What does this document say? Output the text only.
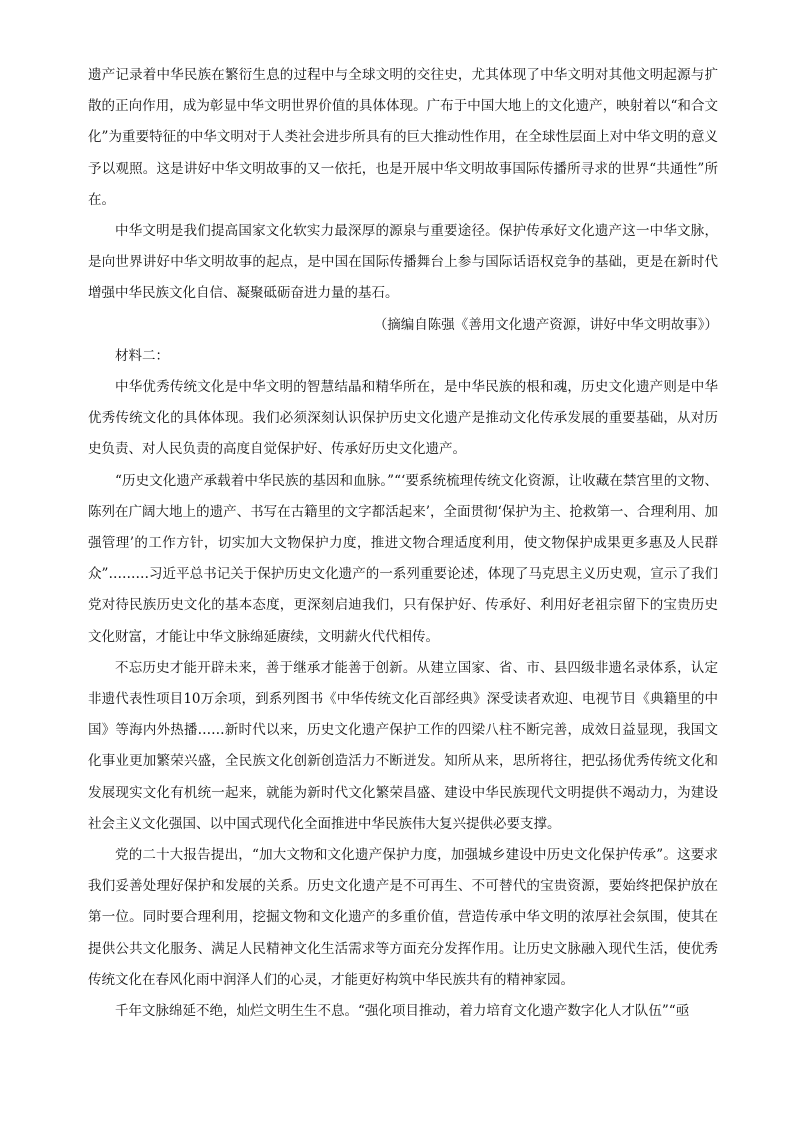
遗产记录着中华民族在繁衍生息的过程中与全球文明的交往史，尤其体现了中华文明对其他文明起源与扩散的正向作用，成为彰显中华文明世界价值的具体体现。广布于中国大地上的文化遗产，映射着以“和合文化”为重要特征的中华文明对于人类社会进步所具有的巨大推动性作用，在全球性层面上对中华文明的意义予以观照。这是讲好中华文明故事的又一依托，也是开展中华文明故事国际传播所寻求的世界“共通性”所在。

中华文明是我们提高国家文化软实力最深厚的源泉与重要途径。保护传承好文化遗产这一中华文脉，是向世界讲好中华文明故事的起点，是中国在国际传播舞台上参与国际话语权竞争的基础，更是在新时代增强中华民族文化自信、凝聚砥砺奋进力量的基石。

（摘编自陈强《善用文化遗产资源，讲好中华文明故事》）

材料二：

中华优秀传统文化是中华文明的智慧结晶和精华所在，是中华民族的根和魂，历史文化遗产则是中华优秀传统文化的具体体现。我们必须深刻认识保护历史文化遗产是推动文化传承发展的重要基础，从对历史负责、对人民负责的高度自觉保护好、传承好历史文化遗产。

“历史文化遗产承载着中华民族的基因和血脉。”“‘要系统梳理传统文化资源，让收藏在禁宫里的文物、陈列在广阔大地上的遗产、书写在古籍里的文字都活起来’，全面贯彻‘保护为主、抢救第一、合理利用、加强管理’的工作方针，切实加大文物保护力度，推进文物合理适度利用，使文物保护成果更多惠及人民群众”………习近平总书记关于保护历史文化遗产的一系列重要论述，体现了马克思主义历史观，宣示了我们党对待民族历史文化的基本态度，更深刻启迪我们，只有保护好、传承好、利用好老祖宗留下的宝贵历史文化财富，才能让中华文脉绵延赓续，文明薪火代代相传。

不忘历史才能开辟未来，善于继承才能善于创新。从建立国家、省、市、县四级非遗名录体系，认定非遗代表性项目10万余项，到系列图书《中华传统文化百部经典》深受读者欢迎、电视节目《典籍里的中国》等海内外热播……新时代以来，历史文化遗产保护工作的四梁八柱不断完善，成效日益显现，我国文化事业更加繁荣兴盛，全民族文化创新创造活力不断迸发。知所从来，思所将往，把弘扬优秀传统文化和发展现实文化有机统一起来，就能为新时代文化繁荣昌盛、建设中华民族现代文明提供不竭动力，为建设社会主义文化强国、以中国式现代化全面推进中华民族伟大复兴提供必要支撑。

党的二十大报告提出，“加大文物和文化遗产保护力度，加强城乡建设中历史文化保护传承”。这要求我们妥善处理好保护和发展的关系。历史文化遗产是不可再生、不可替代的宝贵资源，要始终把保护放在第一位。同时要合理利用，挖掘文物和文化遗产的多重价值，营造传承中华文明的浓厚社会氛围，使其在提供公共文化服务、满足人民精神文化生活需求等方面充分发挥作用。让历史文脉融入现代生活，使优秀传统文化在春风化雨中润泽人们的心灵，才能更好构筑中华民族共有的精神家园。

千年文脉绵延不绝，灿烂文明生生不息。“强化项目推动，着力培育文化遗产数字化人才队伍”“亟
